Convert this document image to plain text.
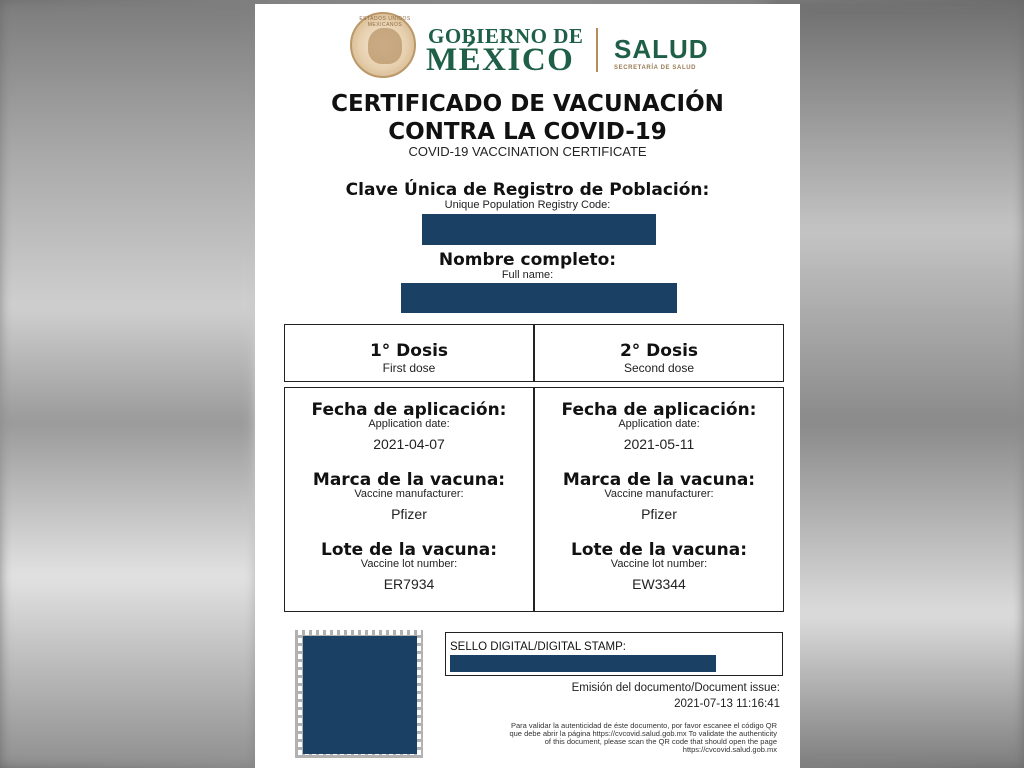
ESTADOS UNIDOS MEXICANOS	GOBIERNO DE
MÉXICO SALUD
SECRETARÍA DE SALUD
CERTIFICADO DE VACUNACIÓN
CONTRA LA COVID-19
COVID-19 VACCINATION CERTIFICATE
Clave Única de Registro de Población:
Unique Population Registry Code:
Nombre completo:
Full name:
1° Dosis
First dose
2° Dosis
Second dose
Fecha de aplicación:
Application date:
2021-04-07
Marca de la vacuna:
Vaccine manufacturer:
Pfizer
Lote de la vacuna:
Vaccine lot number:
ER7934
Fecha de aplicación:
Application date:
2021-05-11
Marca de la vacuna:
Vaccine manufacturer:
Pfizer
Lote de la vacuna:
Vaccine lot number:
EW3344
SELLO DIGITAL/DIGITAL STAMP:
Emisión del documento/Document issue:
2021-07-13 11:16:41
Para validar la autenticidad de éste documento, por favor escanee el código QR que debe abrir la página https://cvcovid.salud.gob.mx To validate the authenticity of this document, please scan the QR code that should open the page https://cvcovid.salud.gob.mx
